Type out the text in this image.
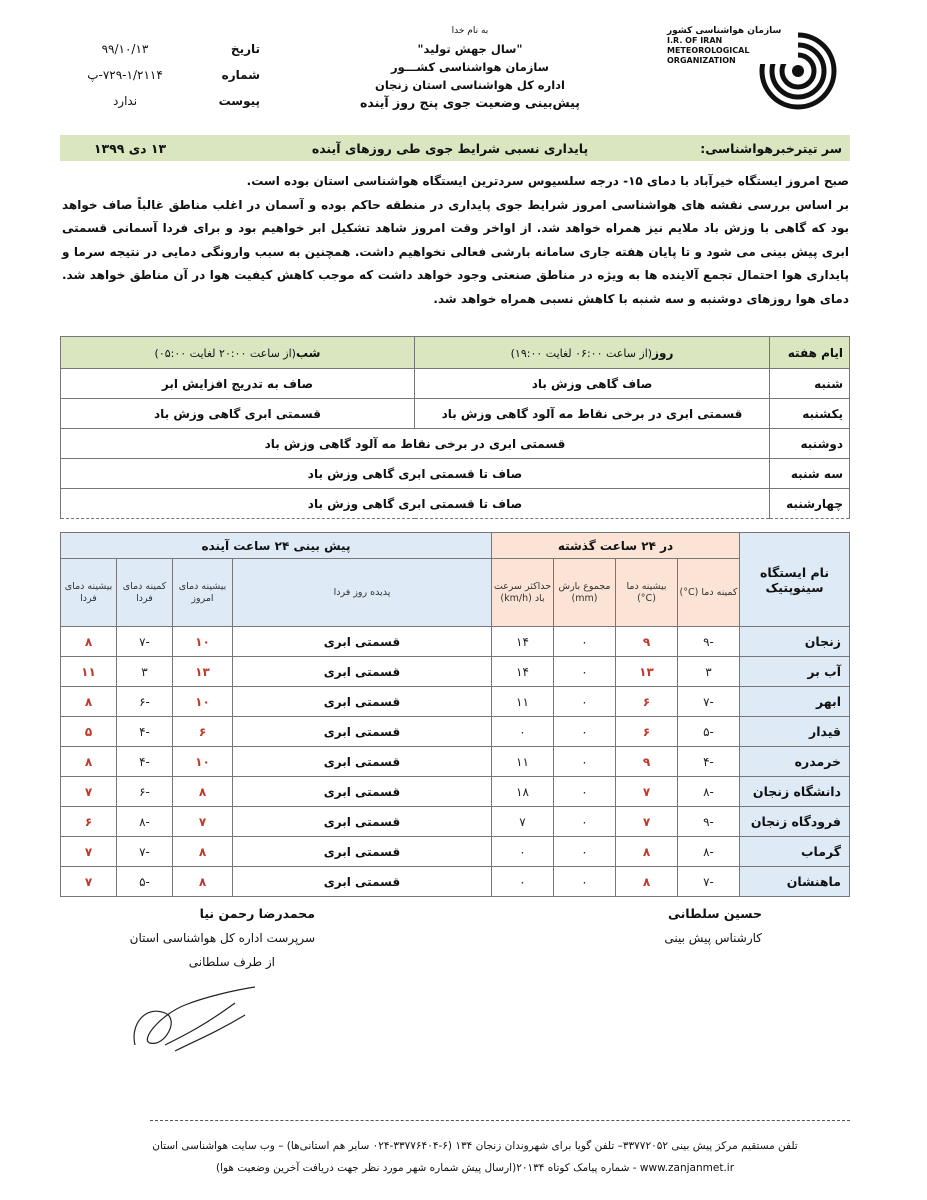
به نام خدا
"سال جهش تولید"
سازمان هواشناسی کشـــور
اداره کل هواشناسی استان زنجان
پیش‌بینی وضعیت جوی پنج روز آینده
تاریخ
۹۹/۱۰/۱۳
شماره
۷۲۹-۱/۲۱۱۴-پ
پیوست
ندارد
سازمان هواشناسی کشور
I.R. OF IRAN
METEOROLOGICAL
ORGANIZATION
سر تیترخبرهواشناسی:
پایداری نسبی شرایط جوی طی روزهای آینده
۱۳ دی ۱۳۹۹
صبح امروز ایستگاه خیرآباد با دمای ۱۵- درجه سلسیوس سردترین ایستگاه هواشناسی استان بوده است.
بر اساس بررسی نقشه های هواشناسی امروز شرایط جوی پایداری در منطقه حاکم بوده و آسمان در اغلب مناطق غالباً صاف خواهد بود که گاهی با وزش باد ملایم نیز همراه خواهد شد. از اواخر وقت امروز شاهد تشکیل ابر خواهیم بود و برای فردا آسمانی قسمتی ابری پیش بینی می شود و تا پایان هفته جاری سامانه بارشی فعالی نخواهیم داشت. همچنین به سبب وارونگی دمایی در نتیجه سرما و پایداری هوا احتمال تجمع آلاینده ها به ویژه در مناطق صنعتی وجود خواهد داشت که موجب کاهش کیفیت هوا در آن مناطق خواهد شد. دمای هوا روزهای دوشنبه و سه شنبه با کاهش نسبی همراه خواهد شد.
ایام هفته	روز(از ساعت ۰۶:۰۰ لغایت ۱۹:۰۰)	شب(از ساعت ۲۰:۰۰ لغایت ۰۵:۰۰)
شنبه	صاف گاهی وزش باد	صاف به تدریج افزایش ابر
یکشنبه	قسمتی ابری در برخی نقاط مه آلود گاهی وزش باد	قسمتی ابری گاهی وزش باد
دوشنبه	قسمتی ابری در برخی نقاط مه آلود گاهی وزش باد	
سه شنبه	صاف تا قسمتی ابری گاهی وزش باد	
چهارشنبه	صاف تا قسمتی ابری گاهی وزش باد	
نام ایستگاه سینوپتیک	در ۲۴ ساعت گذشته				پیش بینی ۲۴ ساعت آینده			
	کمینه دما (C°)	بیشینه دما (C°)	مجموع بارش (mm)	حداکثر سرعت باد (km/h)	پدیده روز فردا	بیشینه دمای امروز	کمینه دمای فردا	بیشینه دمای فردا
زنجان	-۹	۹	۰	۱۴	قسمتی ابری	۱۰	-۷	۸
آب بر	۳	۱۳	۰	۱۴	قسمتی ابری	۱۳	۳	۱۱
ابهر	-۷	۶	۰	۱۱	قسمتی ابری	۱۰	-۶	۸
قیدار	-۵	۶	۰	۰	قسمتی ابری	۶	-۴	۵
خرمدره	-۴	۹	۰	۱۱	قسمتی ابری	۱۰	-۴	۸
دانشگاه زنجان	-۸	۷	۰	۱۸	قسمتی ابری	۸	-۶	۷
فرودگاه زنجان	-۹	۷	۰	۷	قسمتی ابری	۷	-۸	۶
گرماب	-۸	۸	۰	۰	قسمتی ابری	۸	-۷	۷
ماهنشان	-۷	۸	۰	۰	قسمتی ابری	۸	-۵	۷
حسین سلطانی
کارشناس پیش بینی
محمدرضا رحمن نیا
سرپرست اداره کل هواشناسی استان
از طرف سلطانی
تلفن مستقیم مرکز پیش بینی ۳۳۷۷۲۰۵۲– تلفن گویا برای شهروندان زنجان ۱۳۴ (۶-۳۳۷۷۶۴۰۴-۰۲۴ سایر هم استانی‌ها) – وب سایت هواشناسی استان
www.zanjanmet.ir - شماره پیامک کوتاه ۲۰۱۳۴(ارسال پیش شماره شهر مورد نظر جهت دریافت آخرین وضعیت هوا)
